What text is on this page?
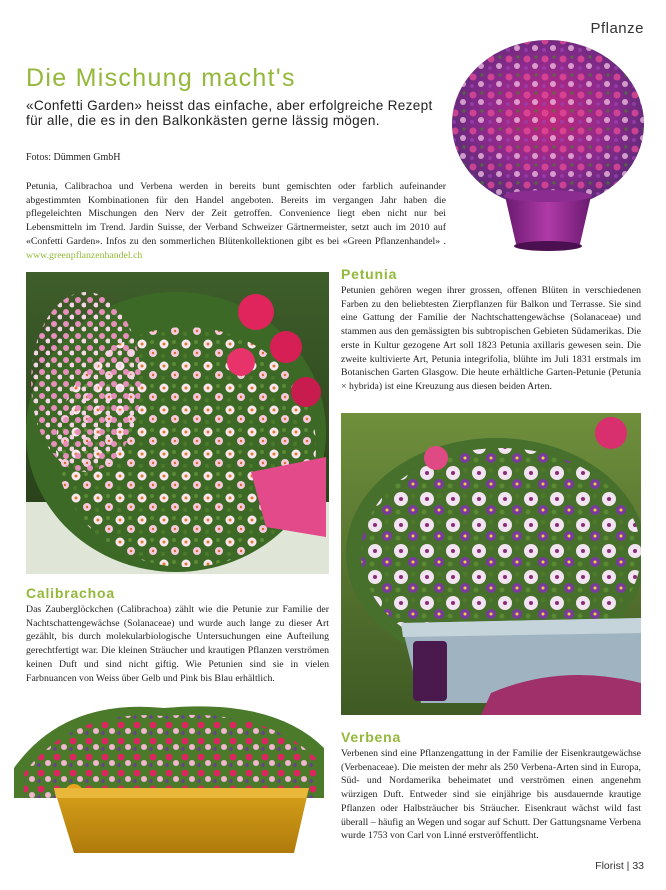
Pflanze
Die Mischung macht's

«Confetti Garden» heisst das einfache, aber erfolgreiche Rezept für alle, die es in den Balkonkästen gerne lässig mögen.

Fotos: Dümmen GmbH

Petunia, Calibrachoa und Verbena werden in bereits bunt gemischten oder farblich aufeinander abgestimmten Kombinationen für den Handel angeboten. Bereits im vergangen Jahr haben die pflegeleichten Mischungen den Nerv der Zeit getroffen. Convenience liegt eben nicht nur bei Lebensmitteln im Trend. Jardin Suisse, der Verband Schweizer Gärtnermeister, setzt auch im 2010 auf «Confetti Garden». Infos zu den sommerlichen Blütenkollektionen gibt es bei «Green Pflanzenhandel» . www.greenpflanzenhandel.ch

Petunia

Petunien gehören wegen ihrer grossen, offenen Blüten in verschiedenen Farben zu den beliebtesten Zierpflanzen für Balkon und Terrasse. Sie sind eine Gattung der Familie der Nachtschattengewächse (Solanaceae) und stammen aus den gemässigten bis subtropischen Gebieten Südamerikas. Die erste in Kultur gezogene Art soll 1823 Petunia axillaris gewesen sein. Die zweite kultivierte Art, Petunia integrifolia, blühte im Juli 1831 erstmals im Botanischen Garten Glasgow. Die heute erhältliche Garten-Petunie (Petunia × hybrida) ist eine Kreuzung aus diesen beiden Arten.

Calibrachoa

Das Zauberglöckchen (Calibrachoa) zählt wie die Petunie zur Familie der Nachtschattengewächse (Solanaceae) und wurde auch lange zu dieser Art gezählt, bis durch molekularbiologische Untersuchungen eine Aufteilung gerechtfertigt war. Die kleinen Sträucher und krautigen Pflanzen verströmen keinen Duft und sind nicht giftig. Wie Petunien sind sie in vielen Farbnuancen von Weiss über Gelb und Pink bis Blau erhältlich.

Verbena

Verbenen sind eine Pflanzengattung in der Familie der Eisenkrautgewächse (Verbenaceae). Die meisten der mehr als 250 Verbena-Arten sind in Europa, Süd- und Nordamerika beheimatet und verströmen einen angenehm würzigen Duft. Entweder sind sie einjährige bis ausdauernde krautige Pflanzen oder Halbsträucher bis Sträucher. Eisenkraut wächst wild fast überall – häufig an Wegen und sogar auf Schutt. Der Gattungsname Verbena wurde 1753 von Carl von Linné erstveröffentlicht.

Florist | 33
